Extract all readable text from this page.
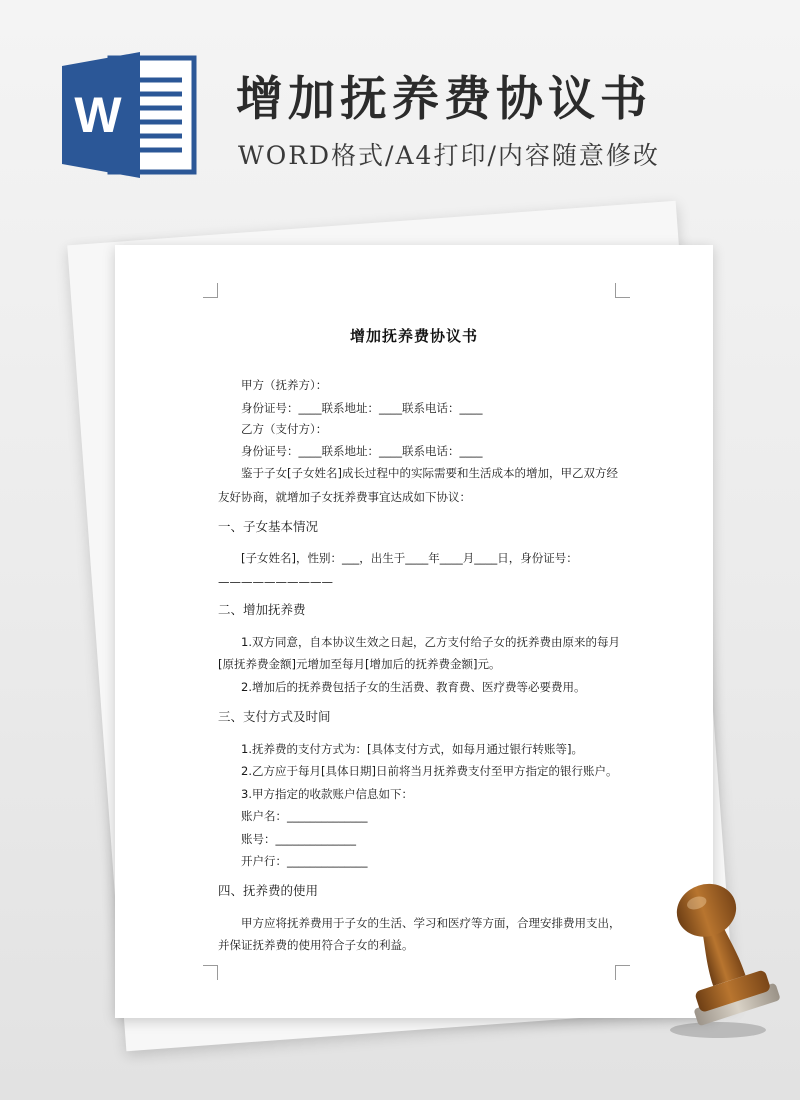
W 增加抚养费协议书
WORD格式/A4打印/内容随意修改
增加抚养费协议书
甲方（抚养方）：
身份证号：____联系地址：____联系电话：____
乙方（支付方）：
身份证号：____联系地址：____联系电话：____
鉴于子女[子女姓名]成长过程中的实际需要和生活成本的增加，甲乙双方经
友好协商，就增加子女抚养费事宜达成如下协议：
一、子女基本情况
[子女姓名]，性别：___，出生于____年____月____日，身份证号：
——————————
二、增加抚养费
1.双方同意，自本协议生效之日起，乙方支付给子女的抚养费由原来的每月
[原抚养费金额]元增加至每月[增加后的抚养费金额]元。
2.增加后的抚养费包括子女的生活费、教育费、医疗费等必要费用。
三、支付方式及时间
1.抚养费的支付方式为：[具体支付方式，如每月通过银行转账等]。
2.乙方应于每月[具体日期]日前将当月抚养费支付至甲方指定的银行账户。
3.甲方指定的收款账户信息如下：
账户名：______________
账号：______________
开户行：______________
四、抚养费的使用
甲方应将抚养费用于子女的生活、学习和医疗等方面，合理安排费用支出，
并保证抚养费的使用符合子女的利益。
